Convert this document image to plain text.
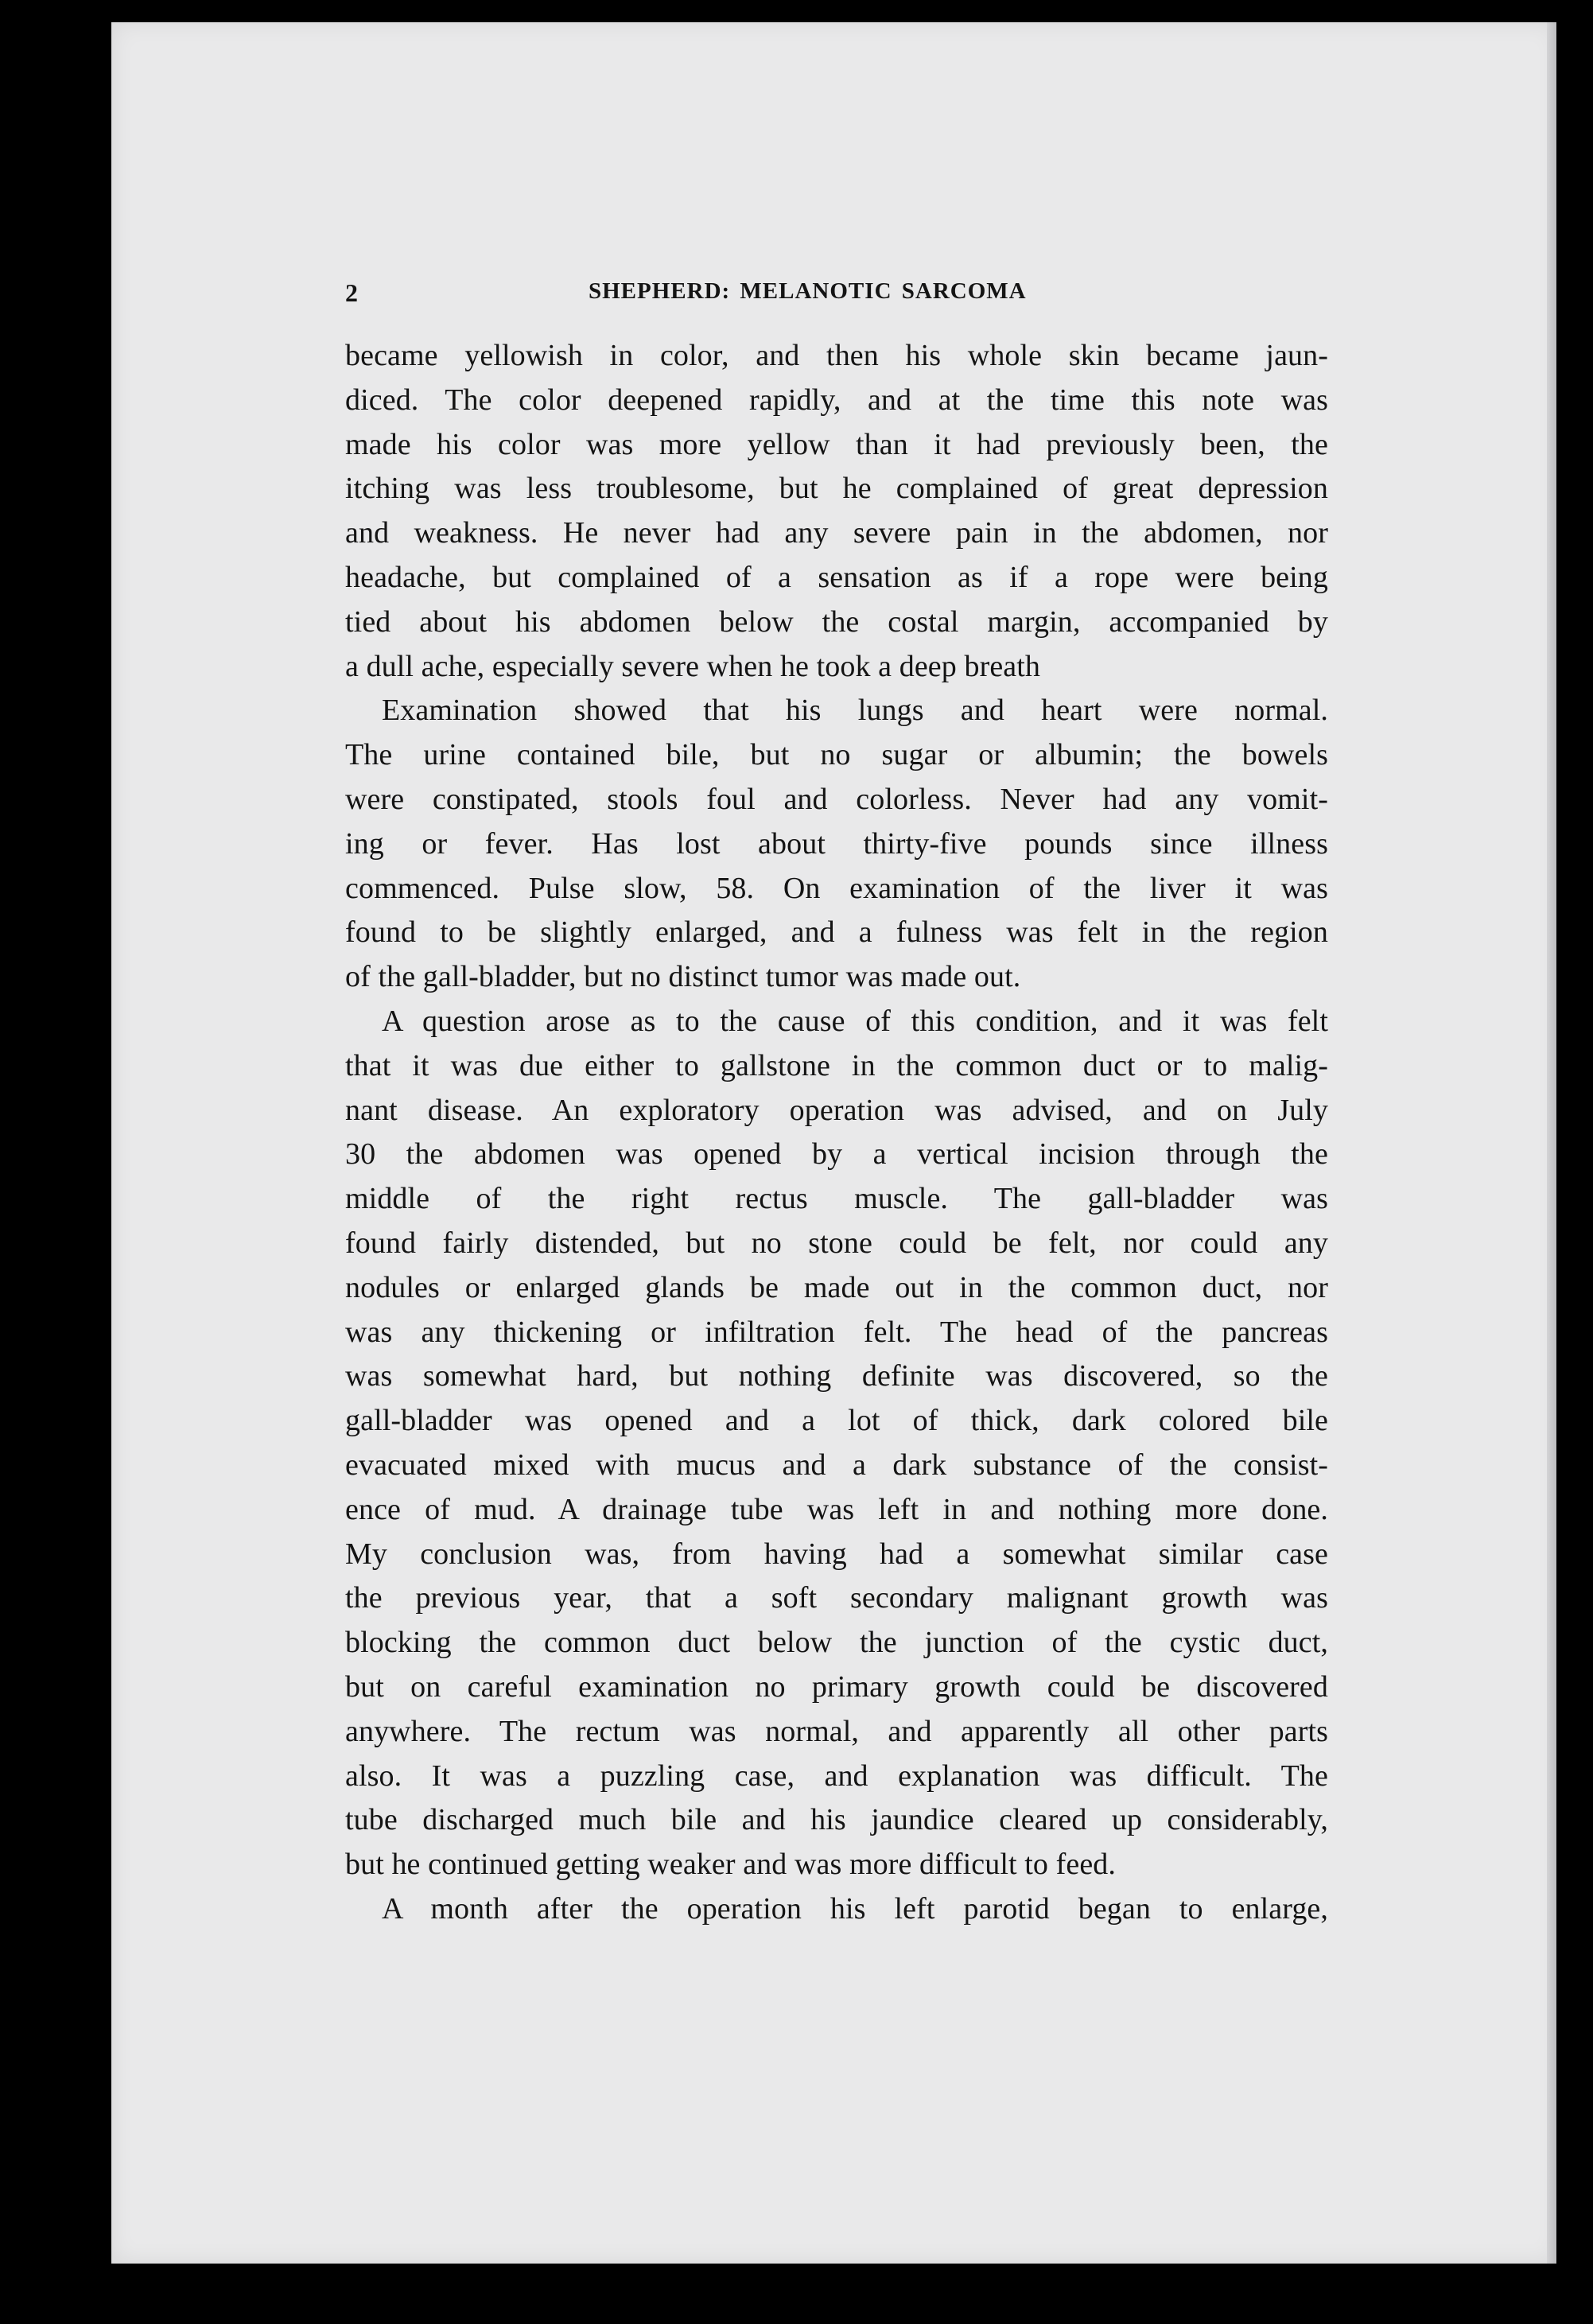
2	SHEPHERD: MELANOTIC SARCOMA
became yellowish in color, and then his whole skin became jaun-
diced. The color deepened rapidly, and at the time this note was
made his color was more yellow than it had previously been, the
itching was less troublesome, but he complained of great depression
and weakness. He never had any severe pain in the abdomen, nor
headache, but complained of a sensation as if a rope were being
tied about his abdomen below the costal margin, accompanied by
a dull ache, especially severe when he took a deep breath
Examination showed that his lungs and heart were normal.
The urine contained bile, but no sugar or albumin; the bowels
were constipated, stools foul and colorless. Never had any vomit-
ing or fever. Has lost about thirty-five pounds since illness
commenced. Pulse slow, 58. On examination of the liver it was
found to be slightly enlarged, and a fulness was felt in the region
of the gall-bladder, but no distinct tumor was made out.
A question arose as to the cause of this condition, and it was felt
that it was due either to gallstone in the common duct or to malig-
nant disease. An exploratory operation was advised, and on July
30 the abdomen was opened by a vertical incision through the
middle of the right rectus muscle. The gall-bladder was
found fairly distended, but no stone could be felt, nor could any
nodules or enlarged glands be made out in the common duct, nor
was any thickening or infiltration felt. The head of the pancreas
was somewhat hard, but nothing definite was discovered, so the
gall-bladder was opened and a lot of thick, dark colored bile
evacuated mixed with mucus and a dark substance of the consist-
ence of mud. A drainage tube was left in and nothing more done.
My conclusion was, from having had a somewhat similar case
the previous year, that a soft secondary malignant growth was
blocking the common duct below the junction of the cystic duct,
but on careful examination no primary growth could be discovered
anywhere. The rectum was normal, and apparently all other parts
also. It was a puzzling case, and explanation was difficult. The
tube discharged much bile and his jaundice cleared up considerably,
but he continued getting weaker and was more difficult to feed.
A month after the operation his left parotid began to enlarge,
